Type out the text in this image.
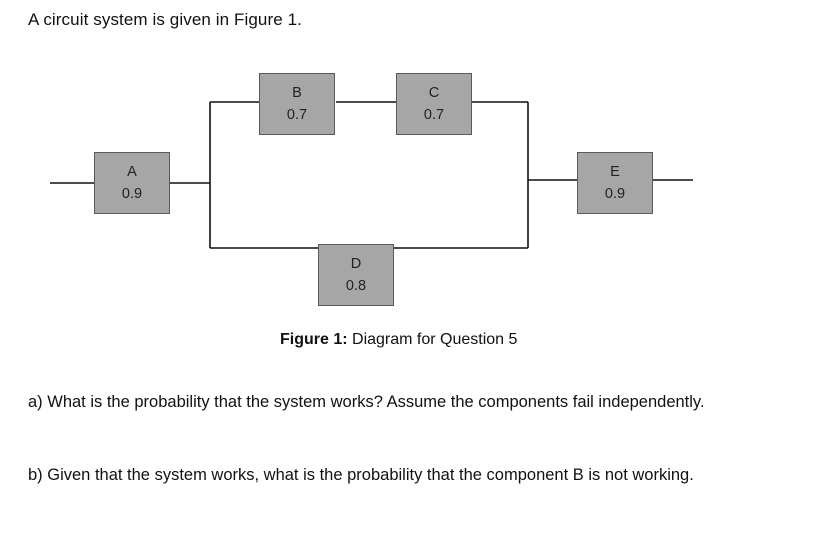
A circuit system is given in Figure 1.
A
0.9
B
0.7
C
0.7
D
0.8
E
0.9
Figure 1: Diagram for Question 5
a) What is the probability that the system works? Assume the components fail independently.
b) Given that the system works, what is the probability that the component B is not working.
